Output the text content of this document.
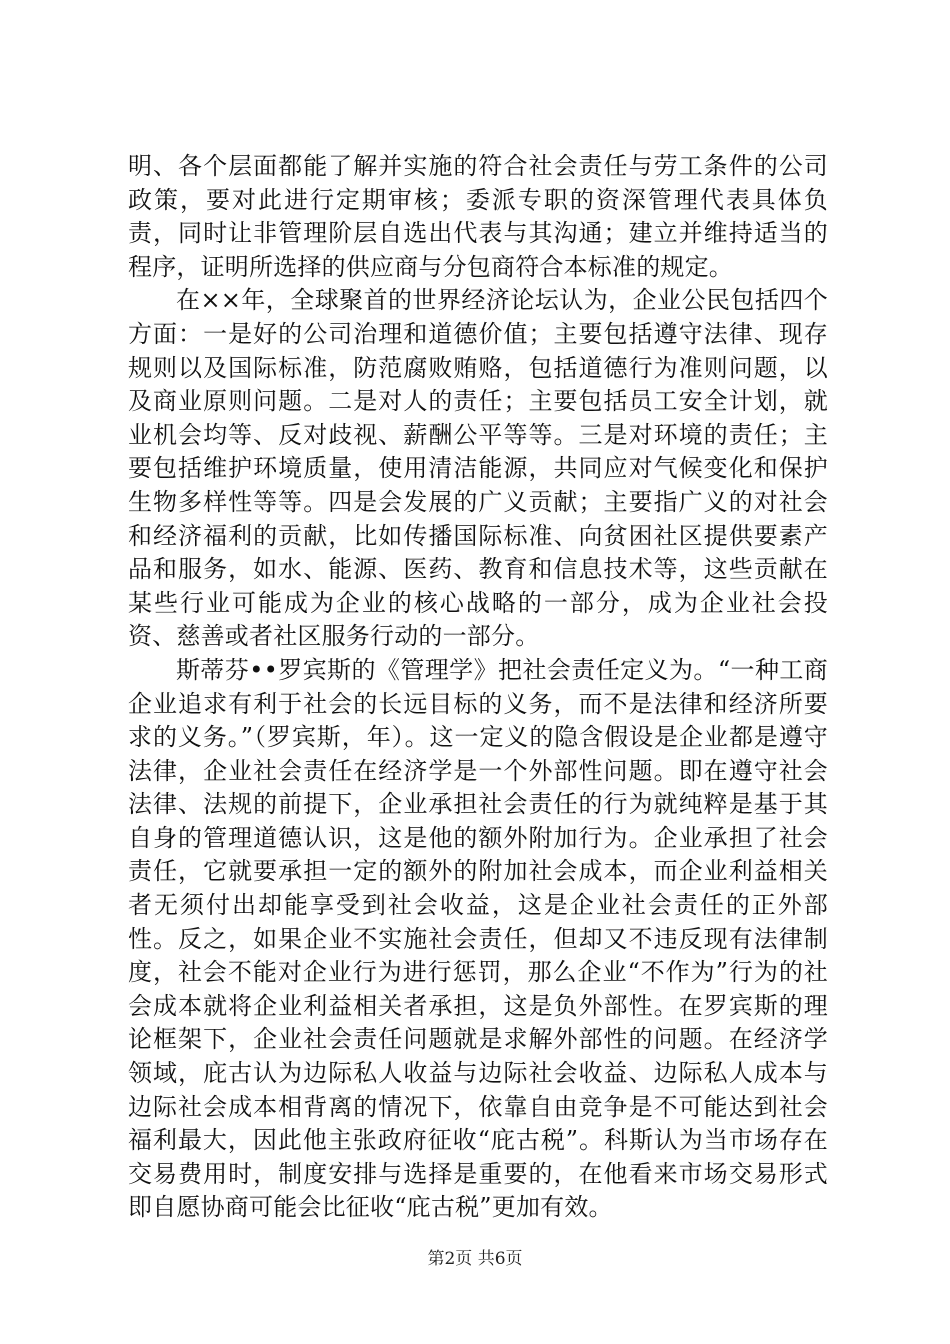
明、各个层面都能了解并实施的符合社会责任与劳工条件的公司政策，要对此进行定期审核；委派专职的资深管理代表具体负责，同时让非管理阶层自选出代表与其沟通；建立并维持适当的程序，证明所选择的供应商与分包商符合本标准的规定。

在××年，全球聚首的世界经济论坛认为，企业公民包括四个方面：一是好的公司治理和道德价值；主要包括遵守法律、现存规则以及国际标准，防范腐败贿赂，包括道德行为准则问题，以及商业原则问题。二是对人的责任；主要包括员工安全计划，就业机会均等、反对歧视、薪酬公平等等。三是对环境的责任；主要包括维护环境质量，使用清洁能源，共同应对气候变化和保护生物多样性等等。四是会发展的广义贡献；主要指广义的对社会和经济福利的贡献，比如传播国际标准、向贫困社区提供要素产品和服务，如水、能源、医药、教育和信息技术等，这些贡献在某些行业可能成为企业的核心战略的一部分，成为企业社会投资、慈善或者社区服务行动的一部分。

斯蒂芬••罗宾斯的《管理学》把社会责任定义为。“一种工商企业追求有利于社会的长远目标的义务，而不是法律和经济所要求的义务。”（罗宾斯，年）。这一定义的隐含假设是企业都是遵守法律，企业社会责任在经济学是一个外部性问题。即在遵守社会法律、法规的前提下，企业承担社会责任的行为就纯粹是基于其自身的管理道德认识，这是他的额外附加行为。企业承担了社会责任，它就要承担一定的额外的附加社会成本，而企业利益相关者无须付出却能享受到社会收益，这是企业社会责任的正外部性。反之，如果企业不实施社会责任，但却又不违反现有法律制度，社会不能对企业行为进行惩罚，那么企业“不作为”行为的社会成本就将企业利益相关者承担，这是负外部性。在罗宾斯的理论框架下，企业社会责任问题就是求解外部性的问题。在经济学领域，庇古认为边际私人收益与边际社会收益、边际私人成本与边际社会成本相背离的情况下，依靠自由竞争是不可能达到社会福利最大，因此他主张政府征收“庇古税”。科斯认为当市场存在交易费用时，制度安排与选择是重要的，在他看来市场交易形式即自愿协商可能会比征收“庇古税”更加有效。

第2页 共6页
